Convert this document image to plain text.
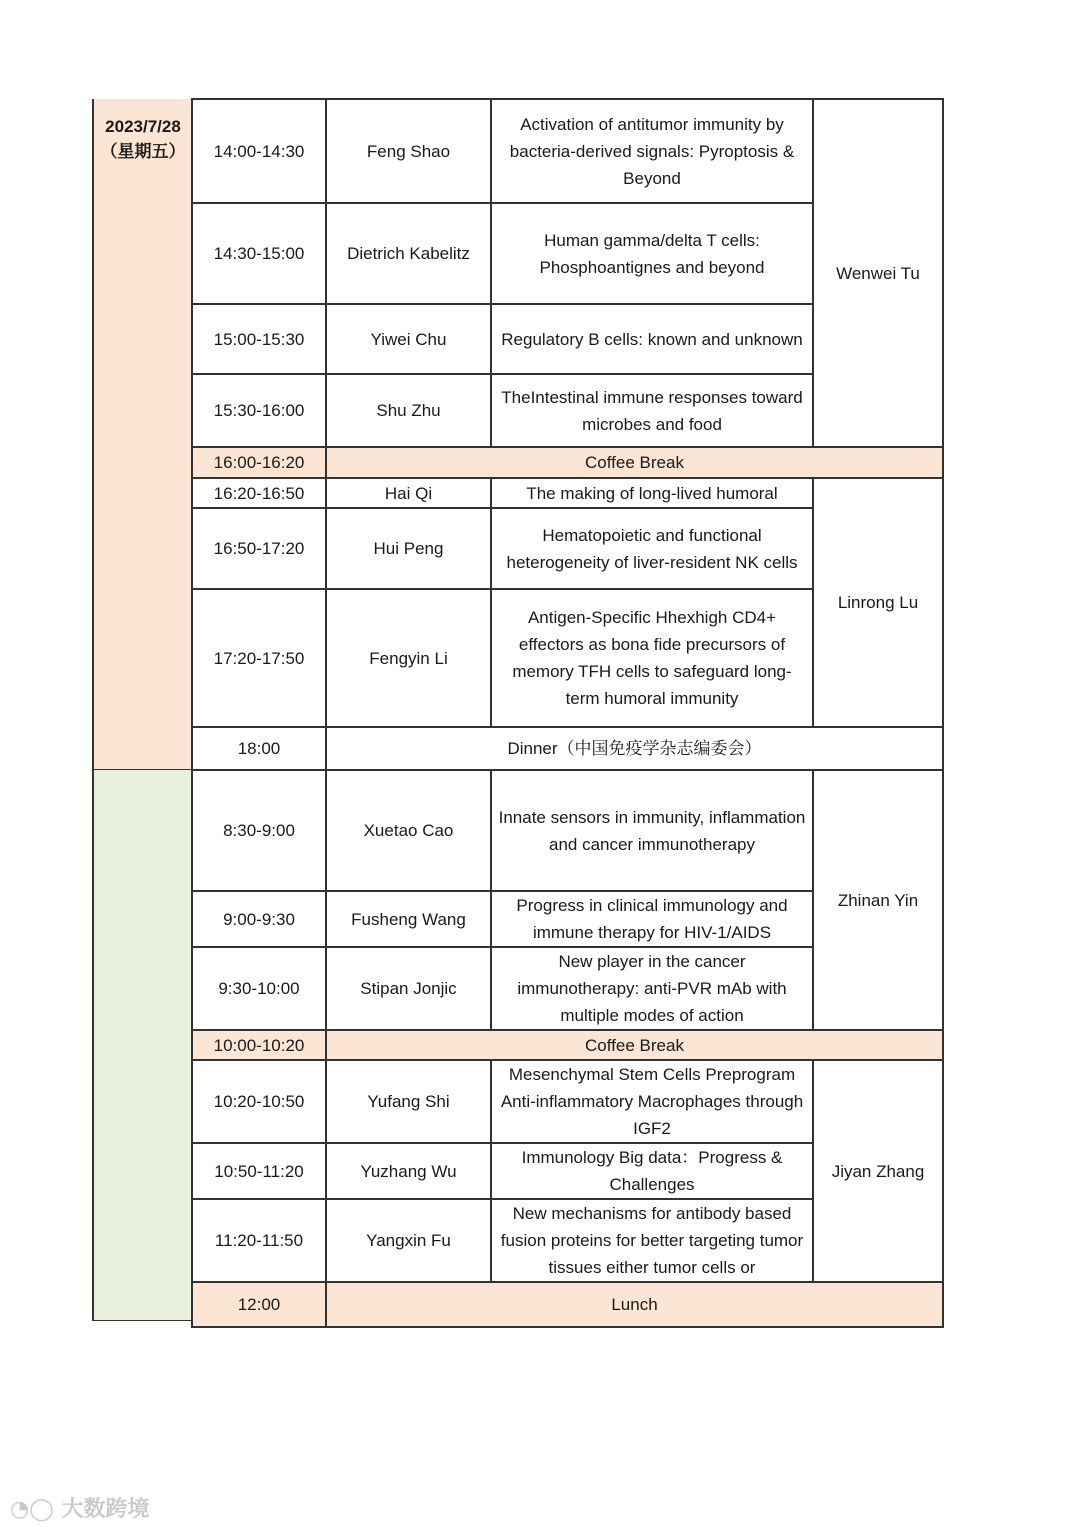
2023/7/28
（星期五）	14:00-14:30	Feng Shao	Activation of antitumor immunity by bacteria-derived signals: Pyroptosis & Beyond	Wenwei Tu
14:30-15:00	Dietrich Kabelitz	Human gamma/delta T cells: Phosphoantignes and beyond	
15:00-15:30	Yiwei Chu	Regulatory B cells: known and unknown	
15:30-16:00	Shu Zhu	TheIntestinal immune responses toward microbes and food	
16:00-16:20	Coffee Break		
16:20-16:50	Hai Qi	The making of long-lived humoral	Linrong Lu
16:50-17:20	Hui Peng	Hematopoietic and functional heterogeneity of liver-resident NK cells	
17:20-17:50	Fengyin Li	Antigen-Specific Hhexhigh CD4+ effectors as bona fide precursors of memory TFH cells to safeguard long-term humoral immunity	
18:00	Dinner（中国免疫学杂志编委会）		
8:30-9:00	Xuetao Cao	Innate sensors in immunity, inflammation and cancer immunotherapy	Zhinan Yin
9:00-9:30	Fusheng Wang	Progress in clinical immunology and immune therapy for HIV-1/AIDS	
9:30-10:00	Stipan Jonjic	New player in the cancer immunotherapy: anti-PVR mAb with multiple modes of action	
10:00-10:20	Coffee Break		
10:20-10:50	Yufang Shi	Mesenchymal Stem Cells Preprogram Anti-inflammatory Macrophages through IGF2	Jiyan Zhang
10:50-11:20	Yuzhang Wu	Immunology Big data：Progress & Challenges	
11:20-11:50	Yangxin Fu	New mechanisms for antibody based fusion proteins for better targeting tumor tissues either tumor cells or	
12:00	Lunch		
◔◯ 大数跨境
